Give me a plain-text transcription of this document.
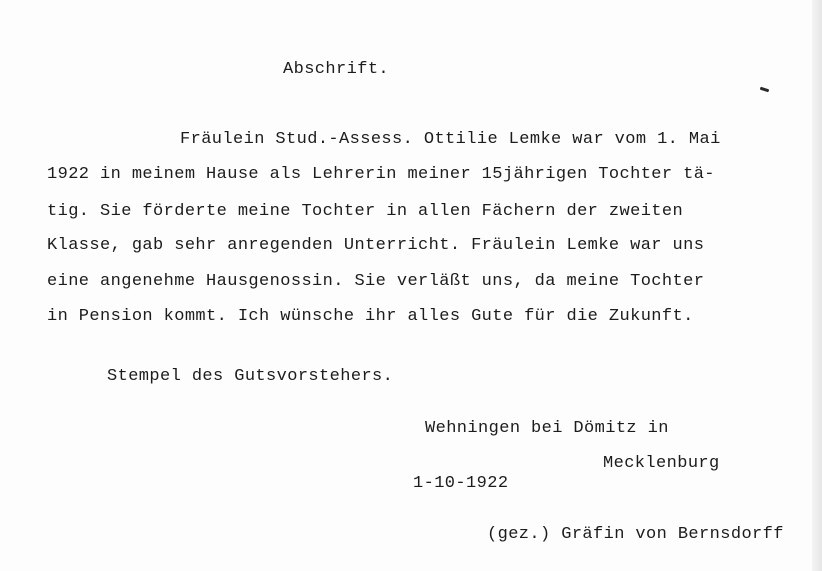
Abschrift.

Fräulein Stud.-Assess. Ottilie Lemke war vom 1. Mai

1922 in meinem Hause als Lehrerin meiner 15jährigen Tochter tä-

tig. Sie förderte meine Tochter in allen Fächern der zweiten

Klasse, gab sehr anregenden Unterricht. Fräulein Lemke war uns

eine angenehme Hausgenossin. Sie verläßt uns, da meine Tochter

in Pension kommt. Ich wünsche ihr alles Gute für die Zukunft.

Stempel des Gutsvorstehers.

Wehningen bei Dömitz in

Mecklenburg

1-10-1922

(gez.) Gräfin von Bernsdorff
